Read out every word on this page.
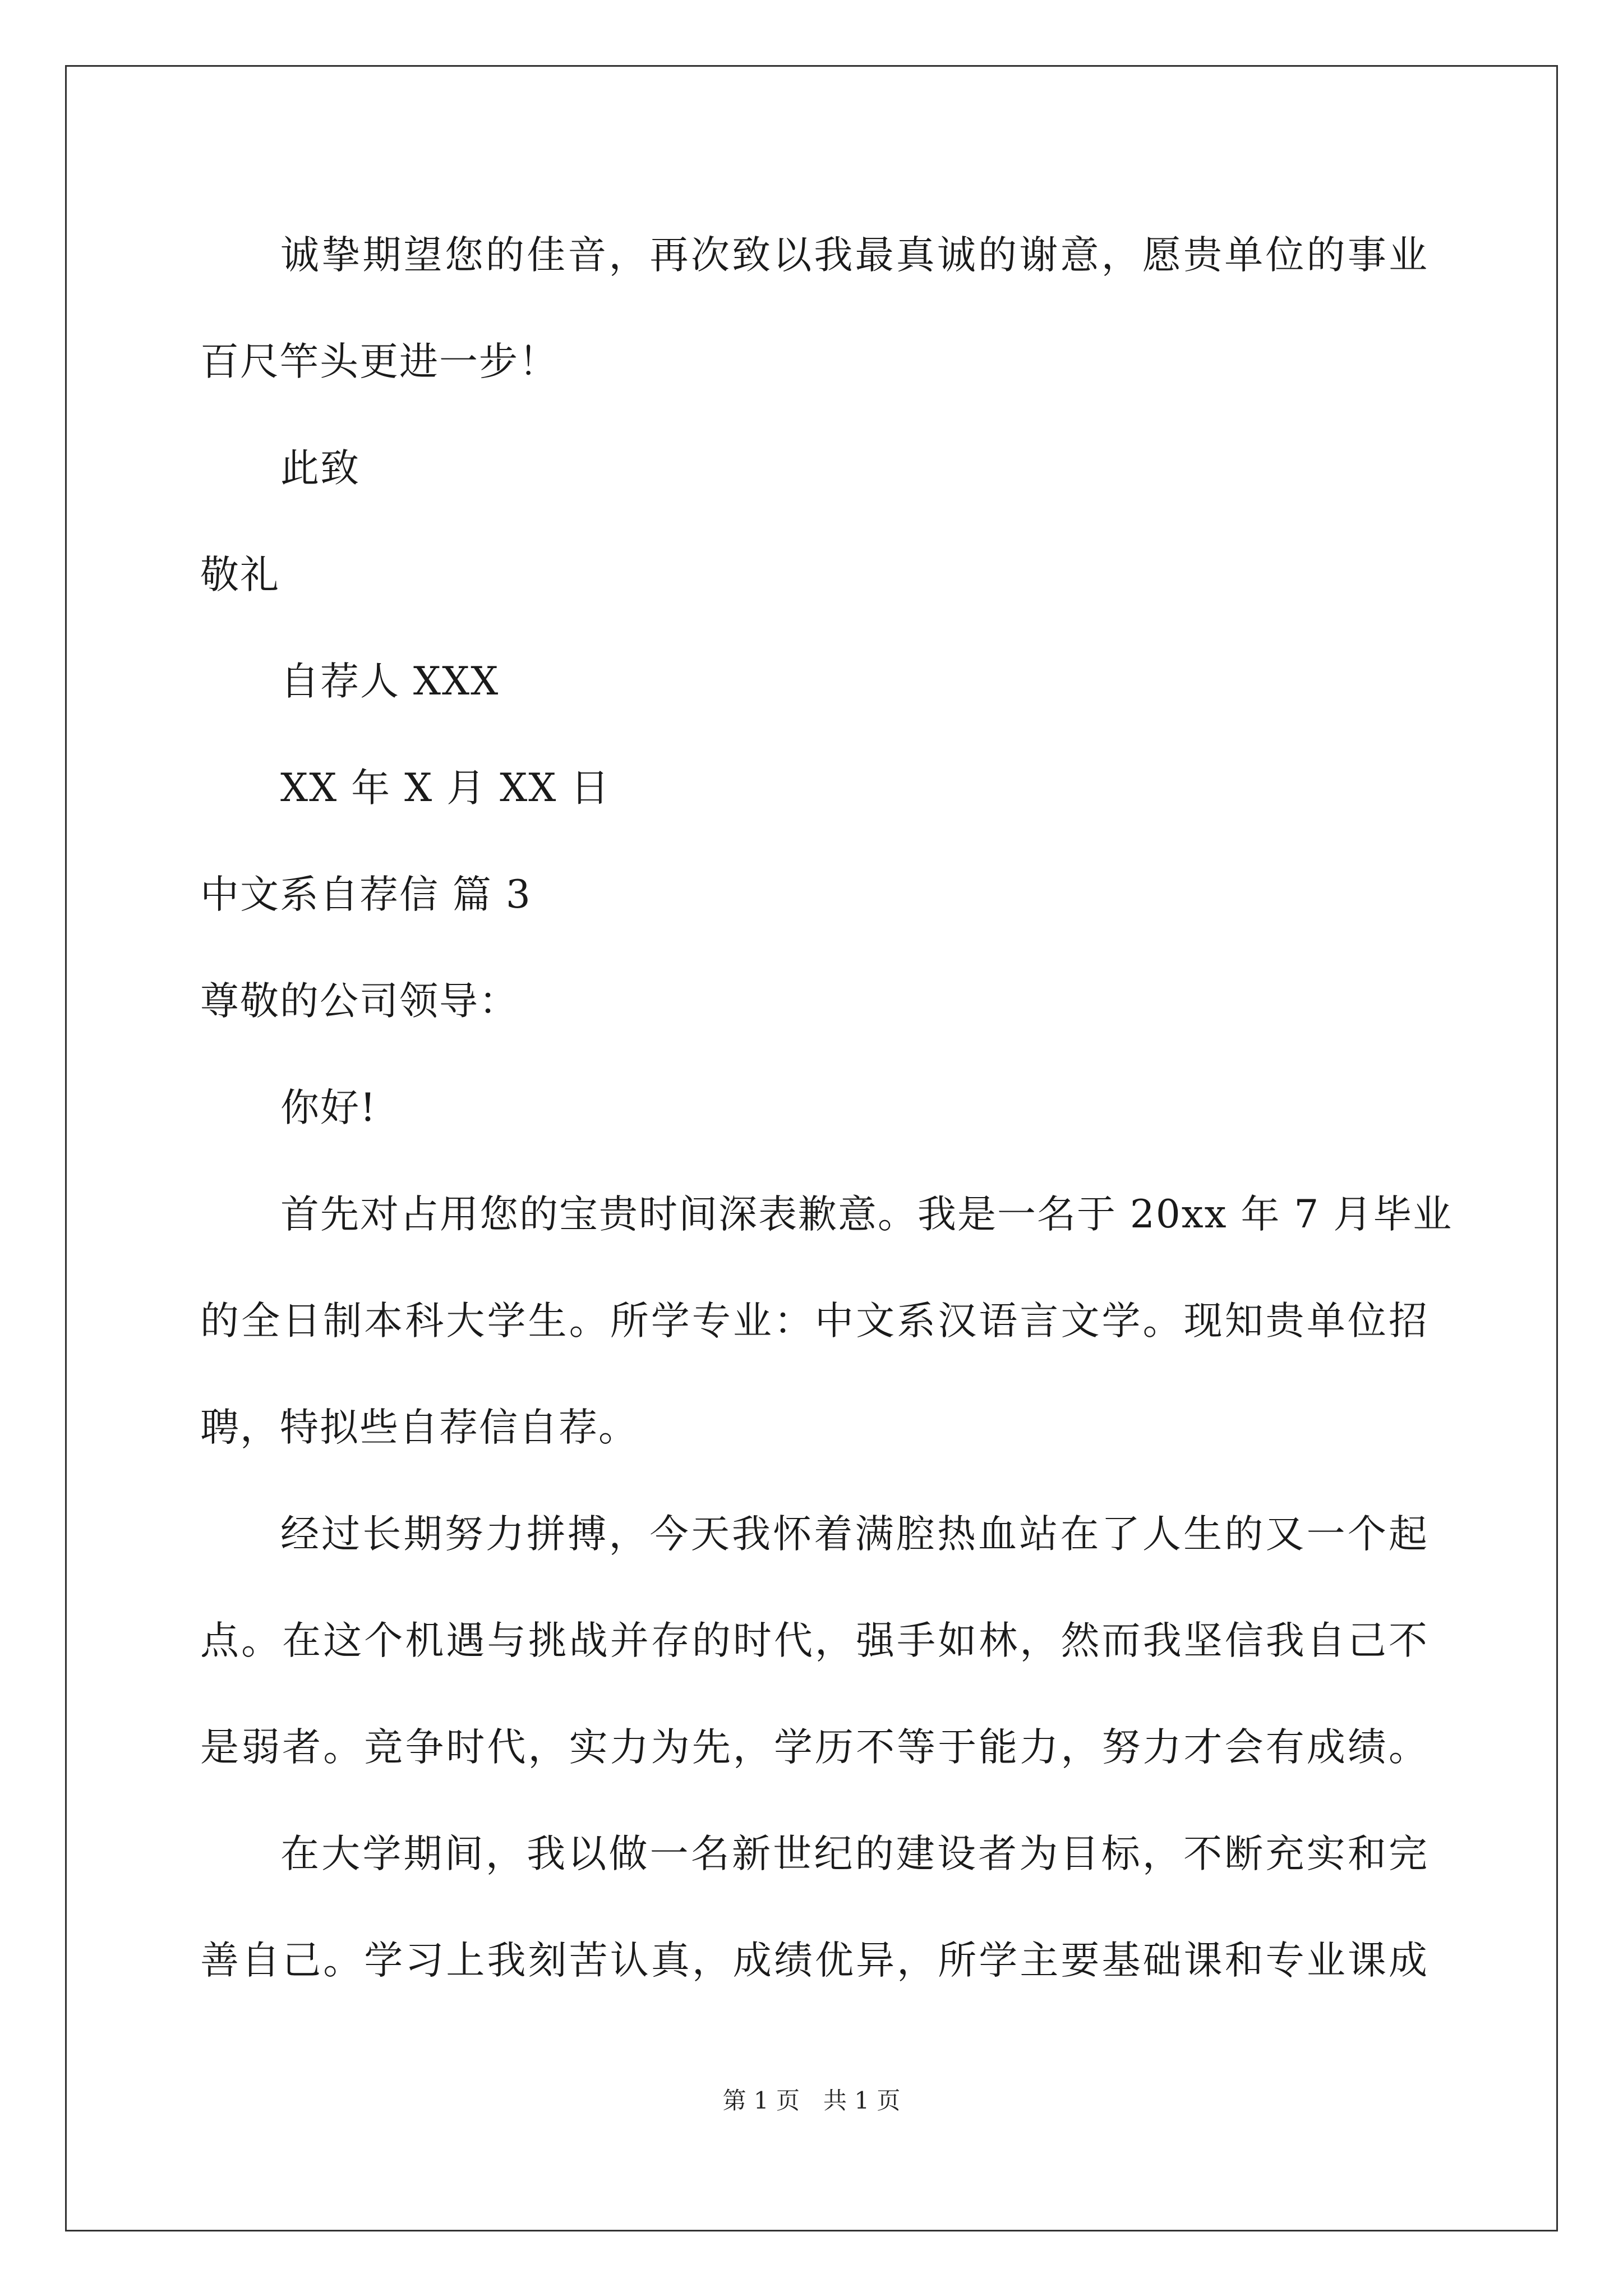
诚挚期望您的佳音，再次致以我最真诚的谢意，愿贵单位的事业
百尺竿头更进一步！
此致
敬礼
自荐人 XXX
XX 年 X 月 XX 日
中文系自荐信 篇 3
尊敬的公司领导：
你好!
首先对占用您的宝贵时间深表歉意。我是一名于 20xx 年 7 月毕业
的全日制本科大学生。所学专业：中文系汉语言文学。现知贵单位招
聘，特拟些自荐信自荐。
经过长期努力拼搏，今天我怀着满腔热血站在了人生的又一个起
点。在这个机遇与挑战并存的时代，强手如林，然而我坚信我自己不
是弱者。竞争时代，实力为先，学历不等于能力，努力才会有成绩。
在大学期间，我以做一名新世纪的建设者为目标，不断充实和完
善自己。学习上我刻苦认真，成绩优异，所学主要基础课和专业课成
第 1 页　共 1 页
